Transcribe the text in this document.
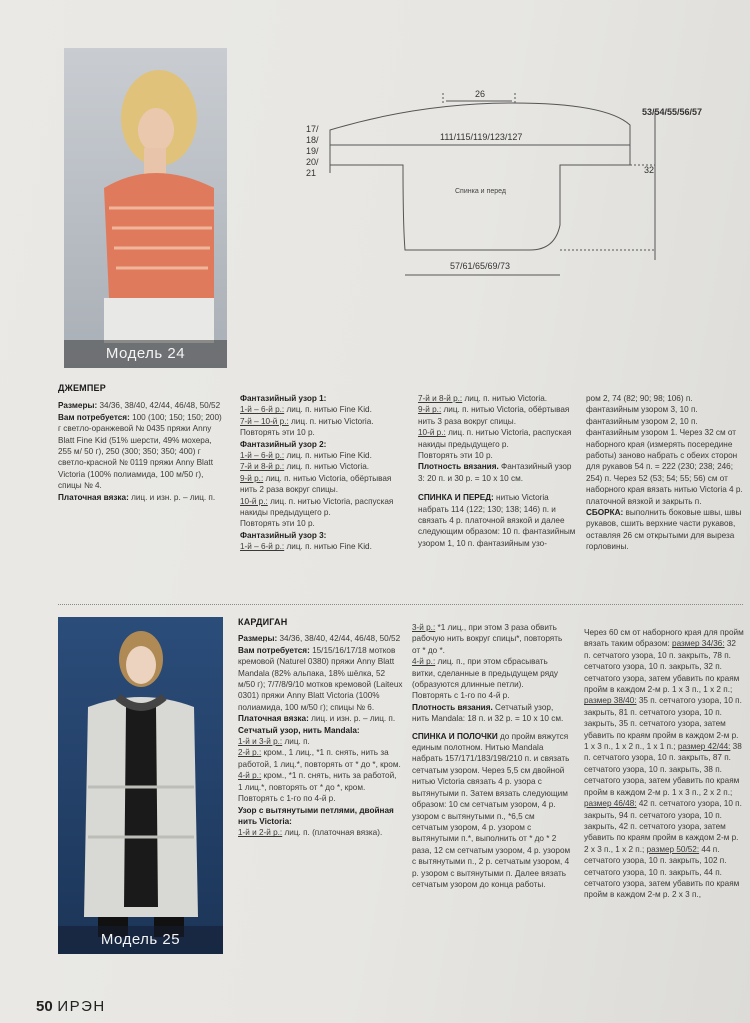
Модель 24
26
111/115/119/123/127
53/54/55/56/57
32
17/
18/
19/
20/
21
Спинка и перед
57/61/65/69/73

ДЖЕМПЕР

Размеры: 34/36, 38/40, 42/44, 46/48, 50/52

Вам потребуется: 100 (100; 150; 150; 200) г светло-оранжевой № 0435 пряжи Anny Blatt Fine Kid (51% шерсти, 49% мохера, 255 м/ 50 г), 250 (300; 350; 350; 400) г светло-красной № 0119 пряжи Anny Blatt Victoria (100% полиамида, 100 м/50 г), спицы № 4.

Платочная вязка: лиц. и изн. р. – лиц. п.

Фантазийный узор 1:

1-й – 6-й р.: лиц. п. нитью Fine Kid.

7-й – 10-й р.: лиц. п. нитью Victoria.

Повторять эти 10 р.

Фантазийный узор 2:

1-й – 6-й р.: лиц. п. нитью Fine Kid.

7-й и 8-й р.: лиц. п. нитью Victoria.

9-й р.: лиц. п. нитью Victoria, обёртывая нить 2 раза вокруг спицы.

10-й р.: лиц. п. нитью Victoria, распуская накиды предыдущего р.

Повторять эти 10 р.

Фантазийный узор 3:

1-й – 6-й р.: лиц. п. нитью Fine Kid.

7-й и 8-й р.: лиц. п. нитью Victoria.

9-й р.: лиц. п. нитью Victoria, обёртывая нить 3 раза вокруг спицы.

10-й р.: лиц. п. нитью Victoria, распуская накиды предыдущего р.

Повторять эти 10 р.

Плотность вязания. Фантазийный узор 3: 20 п. и 30 р. = 10 х 10 см.

СПИНКА И ПЕРЕД: нитью Victoria набрать 114 (122; 130; 138; 146) п. и связать 4 р. платочной вязкой и далее следующим образом: 10 п. фантазийным узором 1, 10 п. фантазийным узо-

ром 2, 74 (82; 90; 98; 106) п. фантазийным узором 3, 10 п. фантазийным узором 2, 10 п. фантазийным узором 1. Через 32 см от наборного края (измерять посередине работы) заново набрать с обеих сторон для рукавов 54 п. = 222 (230; 238; 246; 254) п. Через 52 (53; 54; 55; 56) см от наборного края вязать нитью Victoria 4 р. платочной вязкой и закрыть п.

СБОРКА: выполнить боковые швы, швы рукавов, сшить верхние части рукавов, оставляя 26 см открытыми для выреза горловины.

Модель 25

КАРДИГАН

Размеры: 34/36, 38/40, 42/44, 46/48, 50/52

Вам потребуется: 15/15/16/17/18 мотков кремовой (Naturel 0380) пряжи Anny Blatt Mandala (82% альпака, 18% шёлка, 52 м/50 г); 7/7/8/9/10 мотков кремовой (Laiteux 0301) пряжи Anny Blatt Victoria (100% полиамида, 100 м/50 г); спицы № 6.

Платочная вязка: лиц. и изн. р. – лиц. п.

Сетчатый узор, нить Mandala:

1-й и 3-й р.: лиц. п.

2-й р.: кром., 1 лиц., *1 п. снять, нить за работой, 1 лиц.*, повторять от * до *, кром.

4-й р.: кром., *1 п. снять, нить за работой, 1 лиц.*, повторять от * до *, кром.

Повторять с 1-го по 4-й р.

Узор с вытянутыми петлями, двойная нить Victoria:

1-й и 2-й р.: лиц. п. (платочная вязка).

3-й р.: *1 лиц., при этом 3 раза обвить рабочую нить вокруг спицы*, повторять от * до *.

4-й р.: лиц. п., при этом сбрасывать витки, сделанные в предыдущем ряду (образуются длинные петли).

Повторять с 1-го по 4-й р.

Плотность вязания. Сетчатый узор, нить Mandala: 18 п. и 32 р. = 10 х 10 см.

СПИНКА И ПОЛОЧКИ до пройм вяжутся единым полотном. Нитью Mandala набрать 157/171/183/198/210 п. и связать сетчатым узором. Через 5,5 см двойной нитью Victoria связать 4 р. узора с вытянутыми п. Затем вязать следующим образом: 10 см сетчатым узором, 4 р. узором с вытянутыми п., *6,5 см сетчатым узором, 4 р. узором с вытянутыми п.*, выполнить от * до * 2 раза, 12 см сетчатым узором, 4 р. узором с вытянутыми п., 2 р. сетчатым узором, 4 р. узором с вытянутыми п. Далее вязать сетчатым узором до конца работы.

Через 60 см от наборного края для пройм вязать таким образом: размер 34/36: 32 п. сетчатого узора, 10 п. закрыть, 78 п. сетчатого узора, 10 п. закрыть, 32 п. сетчатого узора, затем убавить по краям пройм в каждом 2-м р. 1 х 3 п., 1 х 2 п.; размер 38/40: 35 п. сетчатого узора, 10 п. закрыть, 81 п. сетчатого узора, 10 п. закрыть, 35 п. сетчатого узора, затем убавить по краям пройм в каждом 2-м р. 1 х 3 п., 1 х 2 п., 1 х 1 п.; размер 42/44: 38 п. сетчатого узора, 10 п. закрыть, 87 п. сетчатого узора, 10 п. закрыть, 38 п. сетчатого узора, затем убавить по краям пройм в каждом 2-м р. 1 х 3 п., 2 х 2 п.; размер 46/48: 42 п. сетчатого узора, 10 п. закрыть, 94 п. сетчатого узора, 10 п. закрыть, 42 п. сетчатого узора, затем убавить по краям пройм в каждом 2-м р. 2 х 3 п., 1 х 2 п.; размер 50/52: 44 п. сетчатого узора, 10 п. закрыть, 102 п. сетчатого узора, 10 п. закрыть, 44 п. сетчатого узора, затем убавить по краям пройм в каждом 2-м р. 2 х 3 п.,

50 ИРЭН
